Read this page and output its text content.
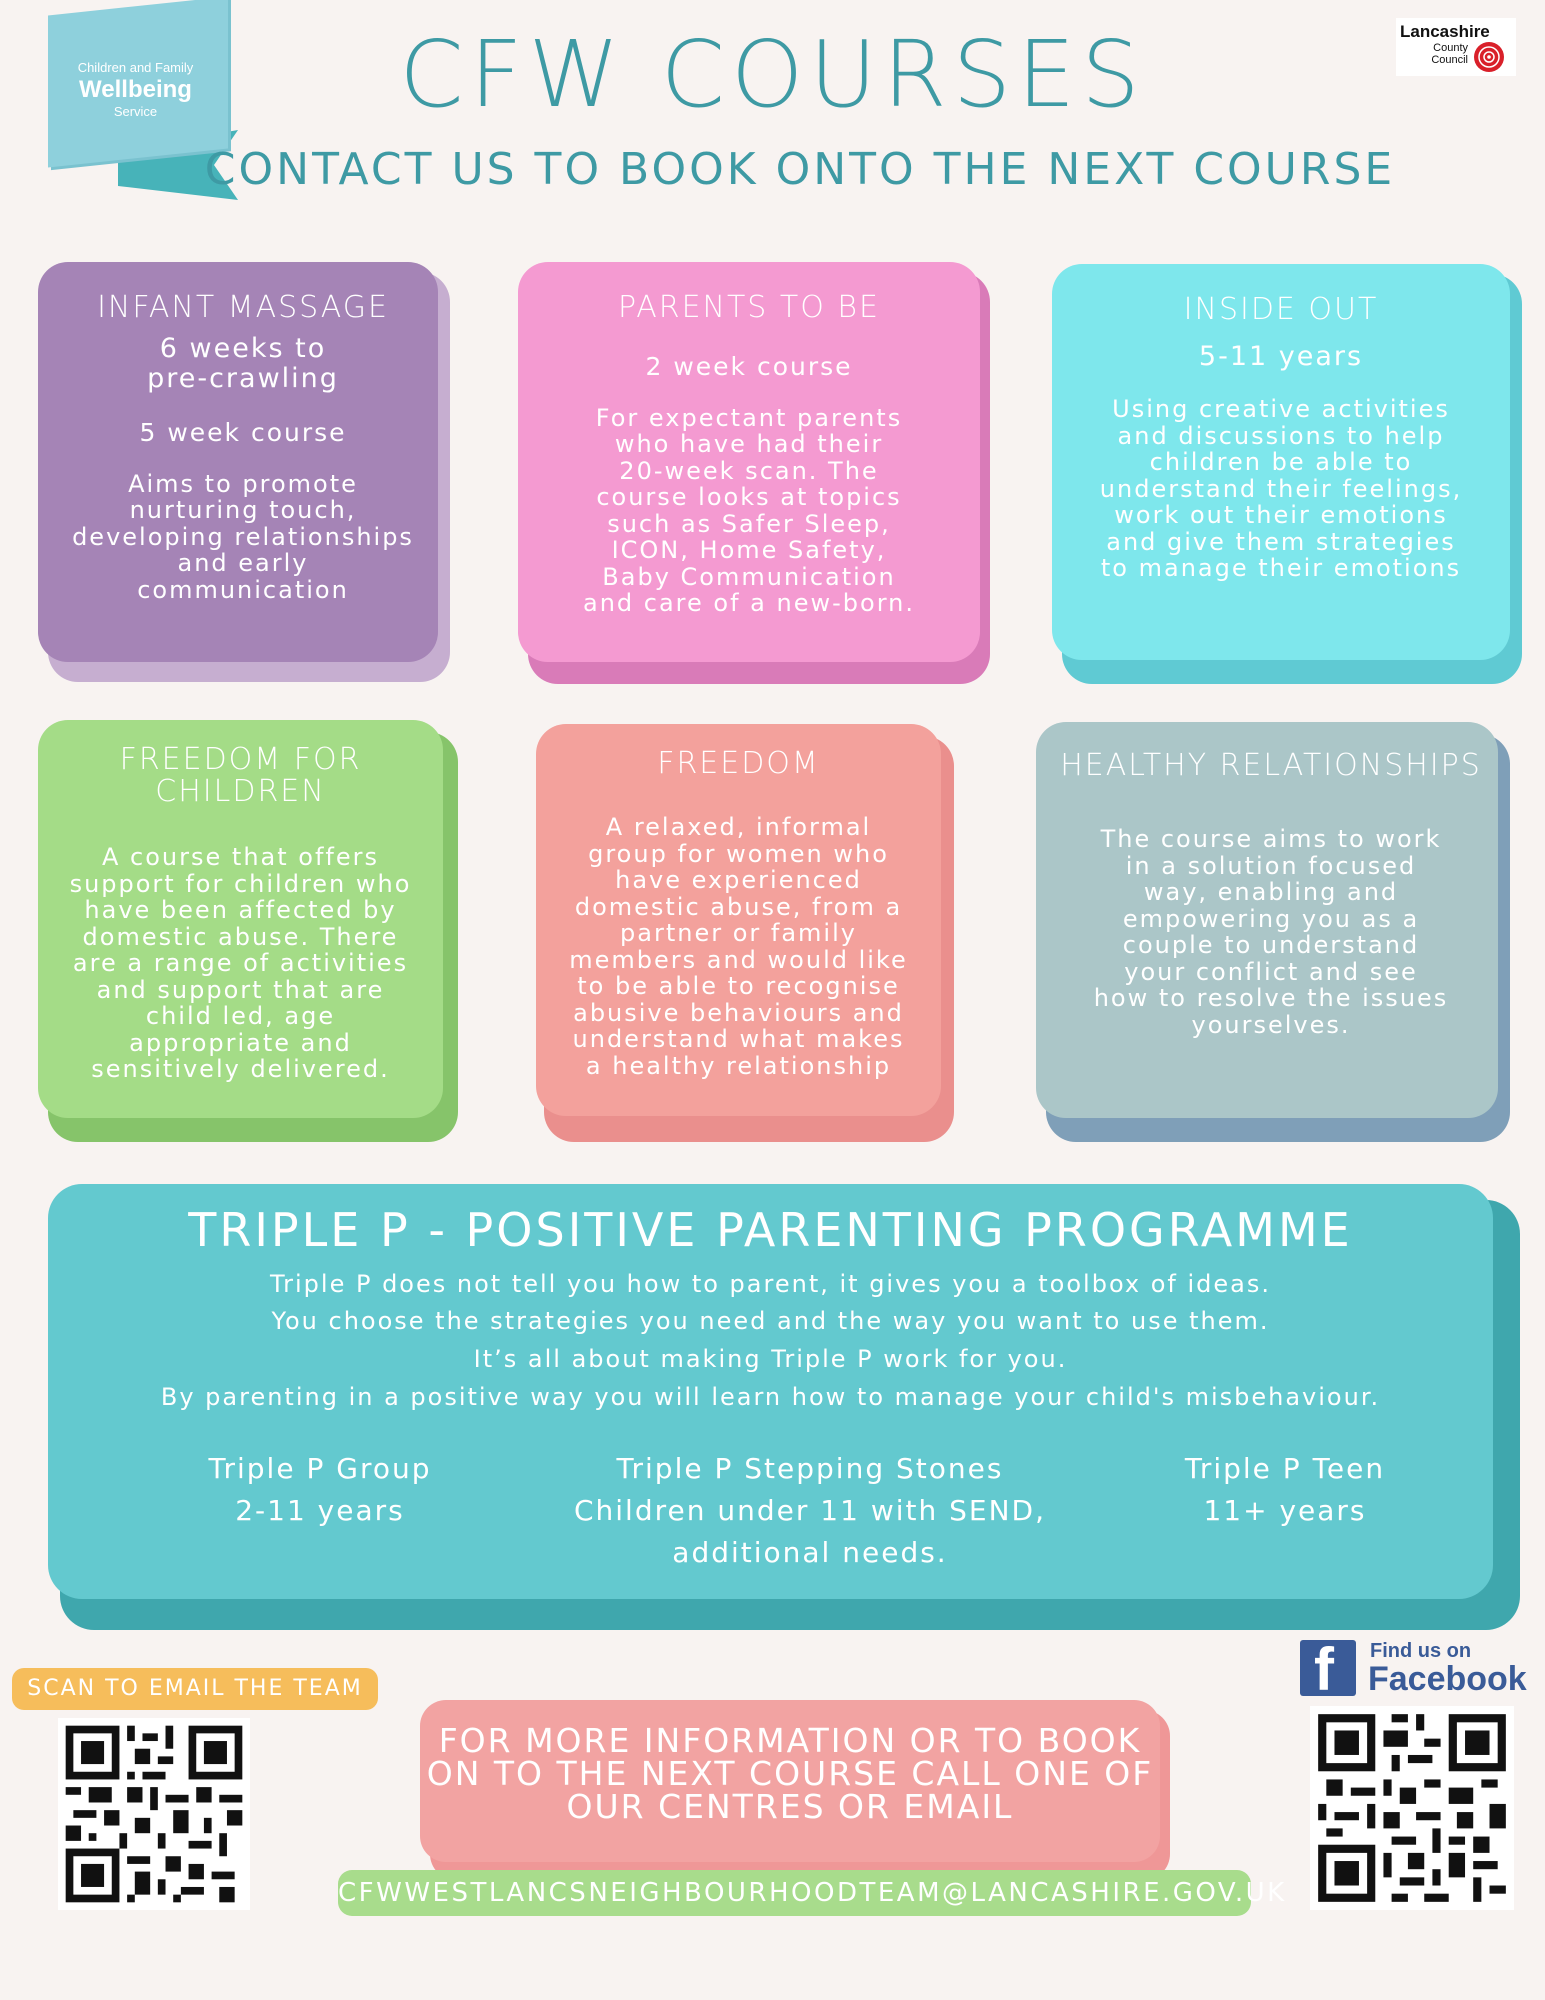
Children and Family
Wellbeing
Service	CFW COURSES
CONTACT US TO BOOK ONTO THE NEXT COURSE
Lancashire
County
Council
INFANT MASSAGE
6 weeks to
pre-crawling
5 week course
Aims to promote
nurturing touch,
developing relationships
and early
communication
PARENTS TO BE
2 week course
For expectant parents
who have had their
20-week scan. The
course looks at topics
such as Safer Sleep,
ICON, Home Safety,
Baby Communication
and care of a new-born.
INSIDE OUT
5-11 years
Using creative activities
and discussions to help
children be able to
understand their feelings,
work out their emotions
and give them strategies
to manage their emotions
FREEDOM FOR
CHILDREN
A course that offers
support for children who
have been affected by
domestic abuse. There
are a range of activities
and support that are
child led, age
appropriate and
sensitively delivered.
FREEDOM
A relaxed, informal
group for women who
have experienced
domestic abuse, from a
partner or family
members and would like
to be able to recognise
abusive behaviours and
understand what makes
a healthy relationship
HEALTHY RELATIONSHIPS
The course aims to work
in a solution focused
way, enabling and
empowering you as a
couple to understand
your conflict and see
how to resolve the issues
yourselves.
TRIPLE P - POSITIVE PARENTING PROGRAMME
Triple P does not tell you how to parent, it gives you a toolbox of ideas.
You choose the strategies you need and the way you want to use them.
It’s all about making Triple P work for you.
By parenting in a positive way you will learn how to manage your child's misbehaviour.
Triple P Group
2-11 years
Triple P Stepping Stones
Children under 11 with SEND,
additional needs.
Triple P Teen
11+ years
SCAN TO EMAIL THE TEAM
FOR MORE INFORMATION OR TO BOOK
ON TO THE NEXT COURSE CALL ONE OF
OUR CENTRES OR EMAIL
CFWWESTLANCSNEIGHBOURHOODTEAM@LANCASHIRE.GOV.UK
f Find us on
Facebook
